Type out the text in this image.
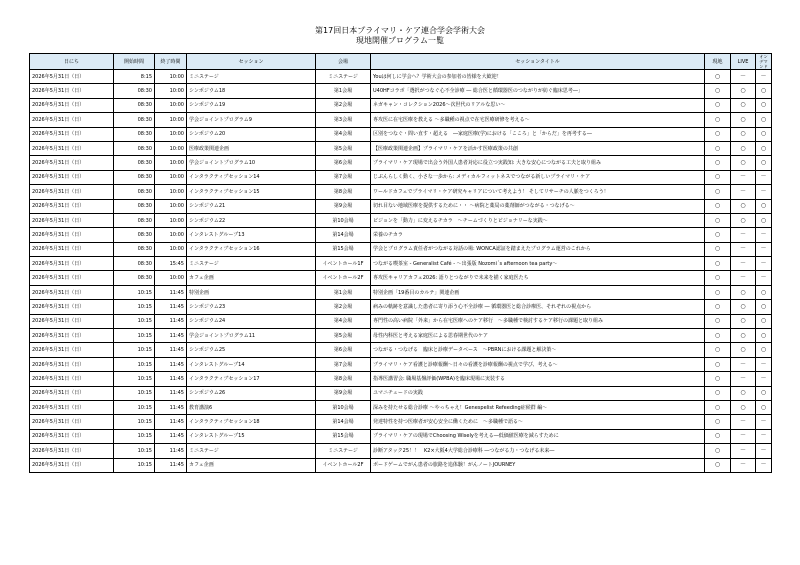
第17回日本プライマリ・ケア連合学会学術大会
現地開催プログラム一覧
日にち	開始時間	終了時間	セッション	会場	セッションタイトル	現地	LIVE	オンデマンド
2026年5月31日（日）	8:15	10:00	ミニステージ	ミニステージ	Youは何しに学会へ？学術大会の参加者の皆様を大歓迎！	○	－	－
2026年5月31日（日）	08:30	10:00	シンポジウム18	第1会場	U40HFコラボ「選択がつなぐ心不全診療 ― 総合医と循環器医のつながりが紡ぐ臨床思考―」	○	○	○
2026年5月31日（日）	08:30	10:00	シンポジウム19	第2会場	ネガキャン・コレクション2026～次世代のリアルな思い～	○	○	○
2026年5月31日（日）	08:30	10:00	学会ジョイントプログラム9	第3会場	専攻医に在宅医療を教える ～多職種の視点で在宅医療研修を考える～	○	○	○
2026年5月31日（日）	08:30	10:00	シンポジウム20	第4会場	区別をつなぐ・問い直す・超える　―家庭医療(学)における「こころ」と「からだ」を再考する―	○	○	○
2026年5月31日（日）	08:30	10:00	医療政策関連企画	第5会場	【医療政策関連企画】プライマリ・ケアを活かす医療政策の共創	○	○	○
2026年5月31日（日）	08:30	10:00	学会ジョイントプログラム10	第6会場	プライマリ・ケア現場で出会う外国人患者対応に役立つ実践知: 大きな安心につながる工夫と取り組み	○	○	○
2026年5月31日（日）	08:30	10:00	インタラクティブセッション14	第7会場	じぶんらしく動く、小さな一歩から: メディカルフィットネスでつながる新しいプライマリ・ケア	○	－	－
2026年5月31日（日）	08:30	10:00	インタラクティブセッション15	第8会場	ワールドカフェでプライマリ・ケア研究キャリアについて考えよう！ そしてリサーチの人脈をつくろう！	○	－	－
2026年5月31日（日）	08:30	10:00	シンポジウム21	第9会場	切れ目ない地域医療を提供するために・・ ～病院と薬局の薬剤師がつながる・つなげる～	○	○	○
2026年5月31日（日）	08:30	10:00	シンポジウム22	第10会場	ビジョンを「動力」に変えるチカラ　～チームづくりとビジョナリーな実践～	○	○	○
2026年5月31日（日）	08:30	10:00	インタレストグループ13	第14会場	栄養のチカラ	○	－	－
2026年5月31日（日）	08:30	10:00	インタラクティブセッション16	第15会場	学会とプログラム責任者がつながる対話の場: WONCA認証を踏まえたプログラム運営のこれから	○	－	－
2026年5月31日（日）	08:30	15:45	ミニステージ	イベントホール1F	つながる喫茶室 - Generalist Café - ～出張版 Nozomi´s afternoon tea party～	○	－	－
2026年5月31日（日）	08:30	10:00	カフェ企画	イベントホール2F	専攻医キャリアカフェ2026: 語りとつながりで未来を描く家庭医たち	○	－	－
2026年5月31日（日）	10:15	11:45	特別企画	第1会場	特別企画「19番目のカルテ」関連企画	○	○	○
2026年5月31日（日）	10:15	11:45	シンポジウム23	第2会場	病みの軌跡を意識した患者に寄り添う心不全診療 ― 循環器医と総合診療医、それぞれの視点から	○	○	○
2026年5月31日（日）	10:15	11:45	シンポジウム24	第4会場	専門性の高い病院「外来」から在宅医療へのケア移行　～多職種で検討するケア移行の課題と取り組み	○	○	○
2026年5月31日（日）	10:15	11:45	学会ジョイントプログラム11	第5会場	母性内科医と考える家庭医による思春期世代のケア	○	○	○
2026年5月31日（日）	10:15	11:45	シンポジウム25	第6会場	つながる・つなげる　臨床と診療データベース　～PBRNにおける課題と解決策～	○	○	○
2026年5月31日（日）	10:15	11:45	インタレストグループ14	第7会場	プライマリ・ケア看護と診療報酬～日々の看護を診療報酬の視点で学び、考える～	○	－	－
2026年5月31日（日）	10:15	11:45	インタラクティブセッション17	第8会場	指導医講習会: 職場基盤評価(WPBA)を臨床現場に実装する	○	－	－
2026年5月31日（日）	10:15	11:45	シンポジウム26	第9会場	ユマニチュードの実践	○	○	○
2026年5月31日（日）	10:15	11:45	教育講演6	第10会場	深みを持たせる総合診療 ～やっちゃえ！Genespelist Refeeding症候群 編～	○	○	○
2026年5月31日（日）	10:15	11:45	インタラクティブセッション18	第14会場	発達特性を持つ医療者が安心安全に働くために　～多職種で語る～	○	－	－
2026年5月31日（日）	10:15	11:45	インタレストグループ15	第15会場	プライマリ・ケアの現場でChoosing Wiselyを考える―低価値医療を減らすために	○	－	－
2026年5月31日（日）	10:15	11:45	ミニステージ	ミニステージ	診断アタック25！！　K2×大阪4大学総合診療科 ―つながる力・つなげる未来―	○	－	－
2026年5月31日（日）	10:15	11:45	カフェ企画	イベントホール2F	ボードゲームでがん患者の旅路を追体験！がんノートJOURNEY	○	－	－
